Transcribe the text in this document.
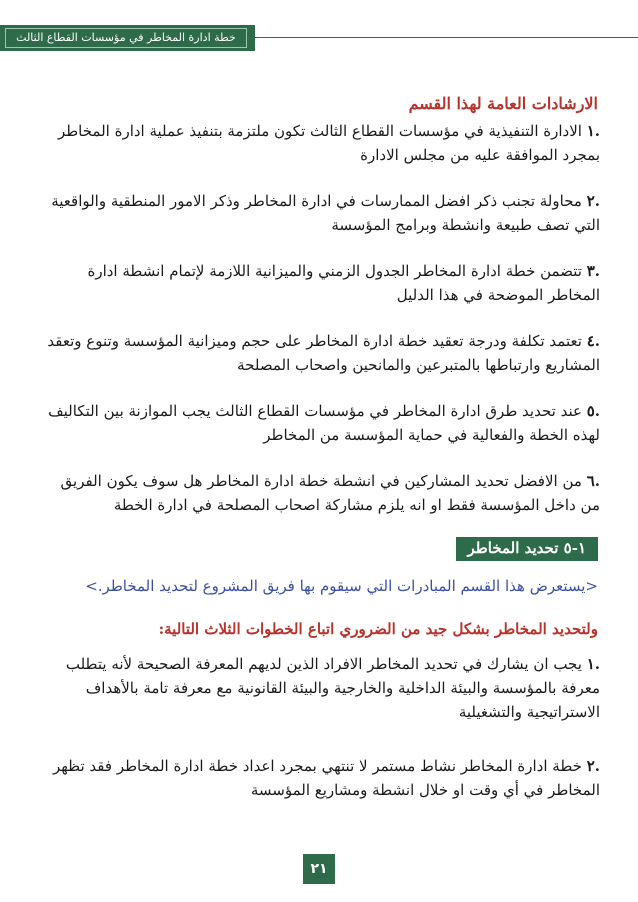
خطة ادارة المخاطر في مؤسسات القطاع الثالث
الارشادات العامة لهذا القسم
.١ الادارة التنفيذية في مؤسسات القطاع الثالث تكون ملتزمة بتنفيذ عملية ادارة المخاطر بمجرد الموافقة عليه من مجلس الادارة
.٢ محاولة تجنب ذكر افضل الممارسات في ادارة المخاطر وذكر الامور المنطقية والواقعية التي تصف طبيعة وانشطة وبرامج المؤسسة
.٣ تتضمن خطة ادارة المخاطر الجدول الزمني والميزانية اللازمة لإتمام انشطة ادارة المخاطر الموضحة في هذا الدليل
.٤ تعتمد تكلفة ودرجة تعقيد خطة ادارة المخاطر على حجم وميزانية المؤسسة وتنوع وتعقد المشاريع وارتباطها بالمتبرعين والمانحين واصحاب المصلحة
.٥ عند تحديد طرق ادارة المخاطر في مؤسسات القطاع الثالث يجب الموازنة بين التكاليف لهذه الخطة والفعالية في حماية المؤسسة من المخاطر
.٦ من الافضل تحديد المشاركين في انشطة خطة ادارة المخاطر هل سوف يكون الفريق من داخل المؤسسة فقط او انه يلزم مشاركة اصحاب المصلحة في ادارة الخطة
١-٥ تحديد المخاطر
<يستعرض هذا القسم المبادرات التي سيقوم بها فريق المشروع لتحديد المخاطر.>
ولتحديد المخاطر بشكل جيد من الضروري اتباع الخطوات الثلاث التالية:
.١ يجب ان يشارك في تحديد المخاطر الافراد الذين لديهم المعرفة الصحيحة لأنه يتطلب معرفة بالمؤسسة والبيئة الداخلية والخارجية والبيئة القانونية مع معرفة تامة بالأهداف الاستراتيجية والتشغيلية
.٢ خطة ادارة المخاطر نشاط مستمر لا تنتهي بمجرد اعداد خطة ادارة المخاطر فقد تظهر المخاطر في أي وقت او خلال انشطة ومشاريع المؤسسة
٢١
